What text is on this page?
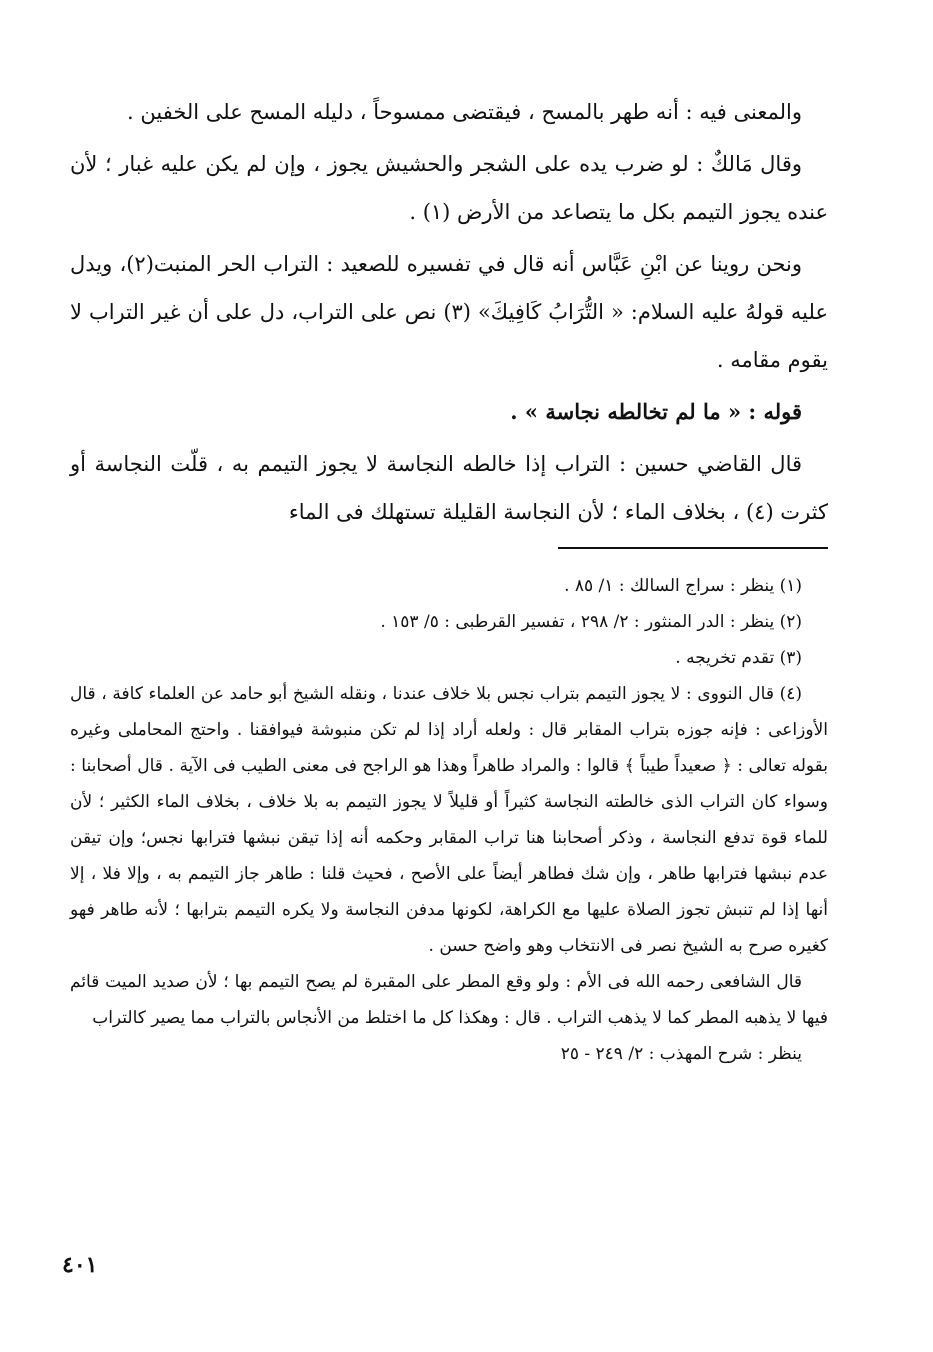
والمعنى فيه : أنه طهر بالمسح ، فيقتضى ممسوحاً ، دليله المسح على الخفين .

وقال مَالكٌ : لو ضرب يده على الشجر والحشيش يجوز ، وإن لم يكن عليه غبار ؛ لأن عنده يجوز التيمم بكل ما يتصاعد من الأرض (١) .

ونحن روينا عن ابْنِ عَبَّاس أنه قال في تفسيره للصعيد : التراب الحر المنبت(٢)، ويدل عليه قولهُ عليه السلام: « التُّرَابُ كَافِيكَ» (٣) نص على التراب، دل على أن غير التراب لا يقوم مقامه .

قوله : « ما لم تخالطه نجاسة » .

قال القاضي حسين : التراب إذا خالطه النجاسة لا يجوز التيمم به ، قلّت النجاسة أو كثرت (٤) ، بخلاف الماء ؛ لأن النجاسة القليلة تستهلك فى الماء

(١) ينظر : سراج السالك : ١/ ٨٥ .

(٢) ينظر : الدر المنثور : ٢/ ٢٩٨ ، تفسير القرطبى : ٥/ ١٥٣ .

(٣) تقدم تخريجه .

(٤) قال النووى : لا يجوز التيمم بتراب نجس بلا خلاف عندنا ، ونقله الشيخ أبو حامد عن العلماء كافة ، قال الأوزاعى : فإنه جوزه بتراب المقابر قال : ولعله أراد إذا لم تكن منبوشة فيوافقنا . واحتج المحاملى وغيره بقوله تعالى : ﴿ صعيداً طيباً ﴾ قالوا : والمراد طاهراً وهذا هو الراجح فى معنى الطيب فى الآية . قال أصحابنا : وسواء كان التراب الذى خالطته النجاسة كثيراً أو قليلاً لا يجوز التيمم به بلا خلاف ، بخلاف الماء الكثير ؛ لأن للماء قوة تدفع النجاسة ، وذكر أصحابنا هنا تراب المقابر وحكمه أنه إذا تيقن نبشها فترابها نجس؛ وإن تيقن عدم نبشها فترابها طاهر ، وإن شك فطاهر أيضاً على الأصح ، فحيث قلنا : طاهر جاز التيمم به ، وإلا فلا ، إلا أنها إذا لم تنبش تجوز الصلاة عليها مع الكراهة، لكونها مدفن النجاسة ولا يكره التيمم بترابها ؛ لأنه طاهر فهو كغيره صرح به الشيخ نصر فى الانتخاب وهو واضح حسن .

قال الشافعى رحمه الله فى الأم : ولو وقع المطر على المقبرة لم يصح التيمم بها ؛ لأن صديد الميت قائم فيها لا يذهبه المطر كما لا يذهب التراب . قال : وهكذا كل ما اختلط من الأنجاس بالتراب مما يصير كالتراب

ينظر : شرح المهذب : ٢/ ٢٤٩ - ٢٥

٤٠١
